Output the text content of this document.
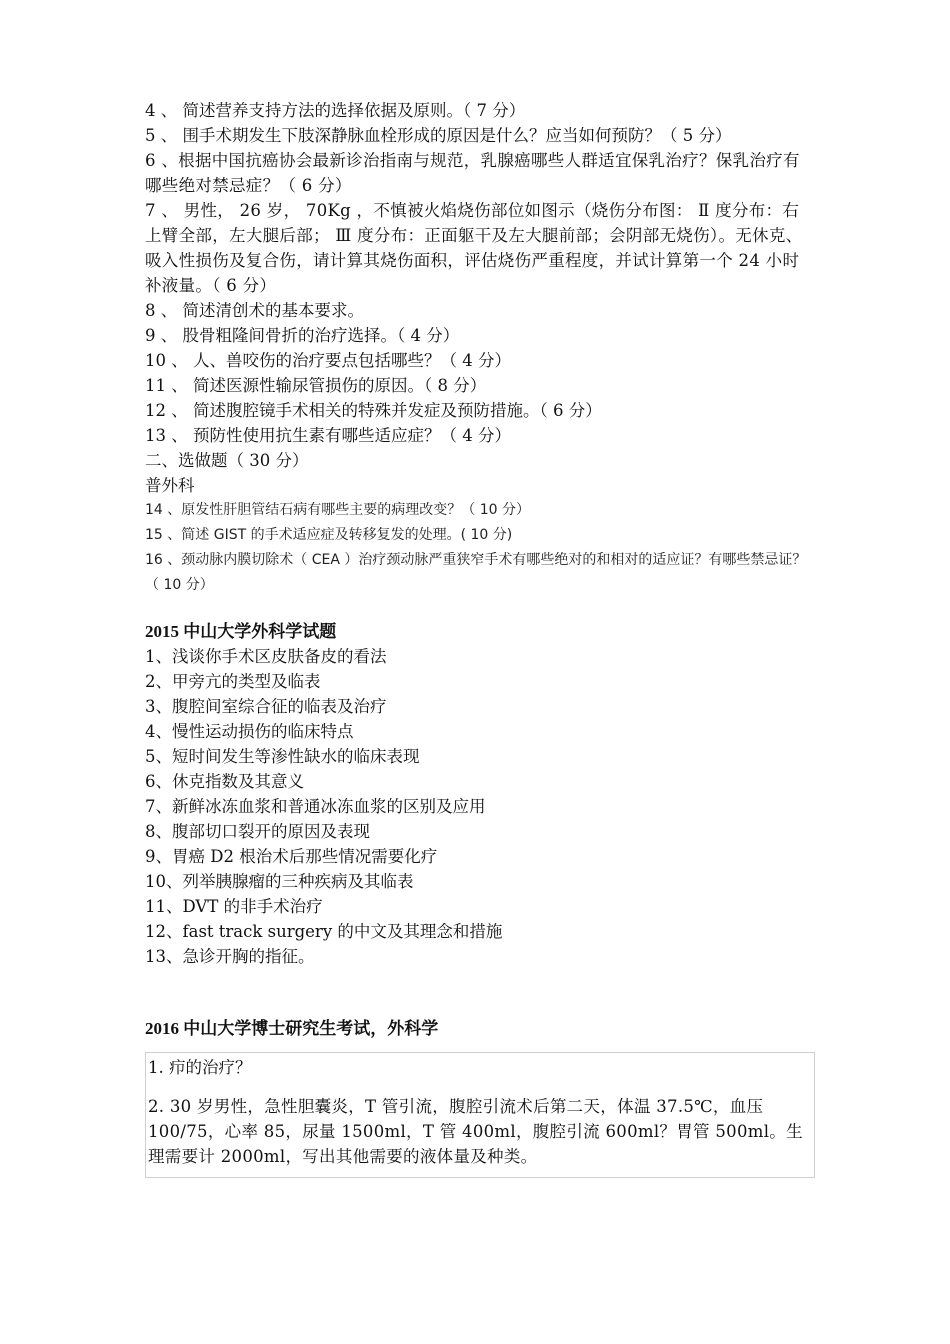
4 、 简述营养支持方法的选择依据及原则。（ 7 分）
5 、 围手术期发生下肢深静脉血栓形成的原因是什么？应当如何预防？（ 5 分）
6 、根据中国抗癌协会最新诊治指南与规范，乳腺癌哪些人群适宜保乳治疗？保乳治疗有哪些绝对禁忌症？（ 6 分）
7 、 男性， 26 岁， 70Kg ，不慎被火焰烧伤部位如图示（烧伤分布图： Ⅱ 度分布：右上臂全部，左大腿后部； Ⅲ 度分布：正面躯干及左大腿前部；会阴部无烧伤）。无休克、吸入性损伤及复合伤，请计算其烧伤面积，评估烧伤严重程度，并试计算第一个 24 小时补液量。（ 6 分）
8 、 简述清创术的基本要求。
9 、 股骨粗隆间骨折的治疗选择。（ 4 分）
10 、 人、兽咬伤的治疗要点包括哪些？（ 4 分）
11 、 简述医源性输尿管损伤的原因。（ 8 分）
12 、 简述腹腔镜手术相关的特殊并发症及预防措施。（ 6 分）
13 、 预防性使用抗生素有哪些适应症？（ 4 分）
二、选做题（ 30 分）
普外科
14 、原发性肝胆管结石病有哪些主要的病理改变？（ 10 分）
15 、简述 GIST 的手术适应症及转移复发的处理。( 10 分)
16 、颈动脉内膜切除术（ CEA ）治疗颈动脉严重狭窄手术有哪些绝对的和相对的适应证？有哪些禁忌证？（ 10 分）
2015 中山大学外科学试题
1、浅谈你手术区皮肤备皮的看法
2、甲旁亢的类型及临表
3、腹腔间室综合征的临表及治疗
4、慢性运动损伤的临床特点
5、短时间发生等渗性缺水的临床表现
6、休克指数及其意义
7、新鲜冰冻血浆和普通冰冻血浆的区别及应用
8、腹部切口裂开的原因及表现
9、胃癌 D2 根治术后那些情况需要化疗
10、列举胰腺瘤的三种疾病及其临表
11、DVT 的非手术治疗
12、fast track surgery 的中文及其理念和措施
13、急诊开胸的指征。
2016 中山大学博士研究生考试，外科学
1. 疖的治疗？
2. 30 岁男性，急性胆囊炎，T 管引流，腹腔引流术后第二天，体温 37.5℃，血压 100/75，心率 85，尿量 1500ml，T 管 400ml，腹腔引流 600ml？胃管 500ml。生理需要计 2000ml，写出其他需要的液体量及种类。
